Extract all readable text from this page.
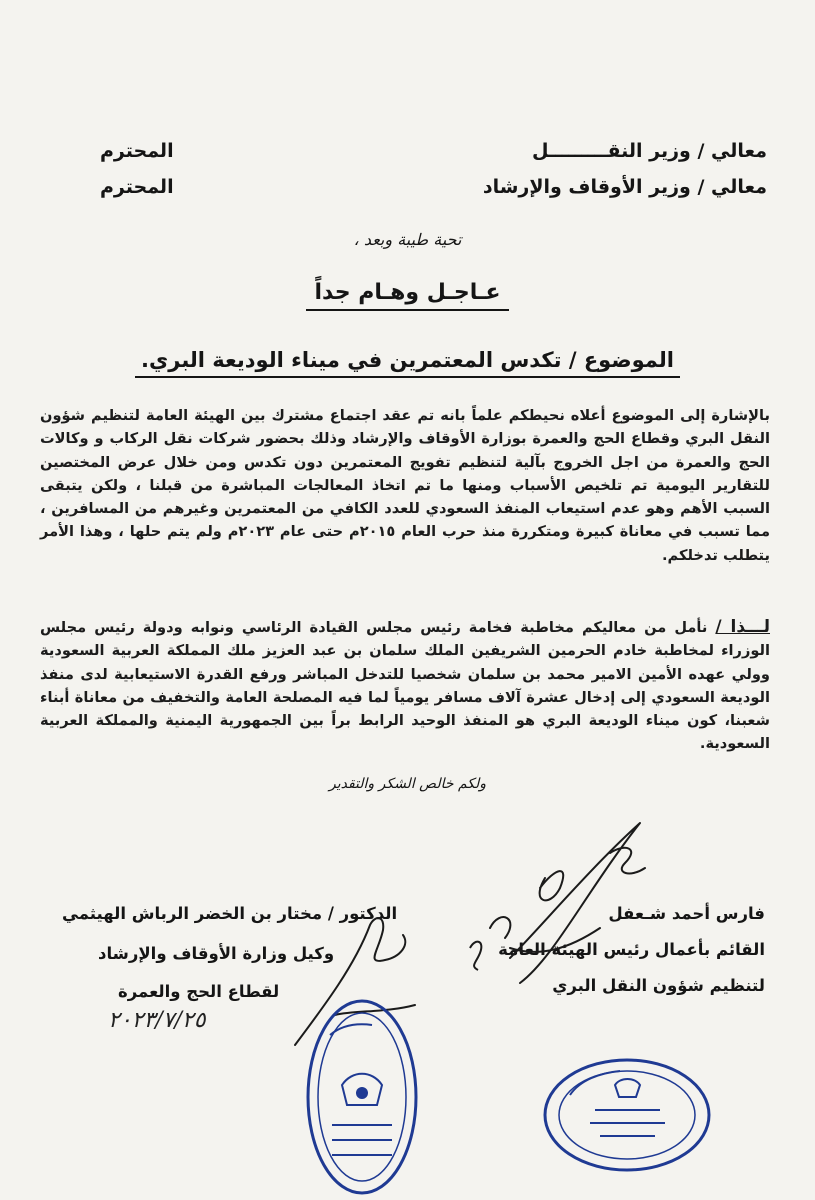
معالي / وزير النقـــــــــل
المحترم
معالي / وزير الأوقاف والإرشاد
المحترم
تحية طيبة وبعد ،
عـاجـل وهـام جداً
الموضوع / تكدس المعتمرين في ميناء الوديعة البري.
بالإشارة إلى الموضوع أعلاه نحيطكم علماً بانه تم عقد اجتماع مشترك بين الهيئة العامة لتنظيم شؤون النقل البري وقطاع الحج والعمرة بوزارة الأوقاف والإرشاد وذلك بحضور شركات نقل الركاب و وكالات الحج والعمرة من اجل الخروج بآلية لتنظيم تفويج المعتمرين دون تكدس ومن خلال عرض المختصين للتقارير اليومية تم تلخيص الأسباب ومنها ما تم اتخاذ المعالجات المباشرة من قبلنا ، ولكن يتبقى السبب الأهم وهو عدم استيعاب المنفذ السعودي للعدد الكافي من المعتمرين وغيرهم من المسافرين ، مما تسبب في معاناة كبيرة ومتكررة منذ حرب العام ٢٠١٥م حتى عام ٢٠٢٣م ولم يتم حلها ، وهذا الأمر يتطلب تدخلكم.
لـــذا / نأمل من معاليكم مخاطبة فخامة رئيس مجلس القيادة الرئاسي ونوابه ودولة رئيس مجلس الوزراء لمخاطبة خادم الحرمين الشريفين الملك سلمان بن عبد العزيز ملك المملكة العربية السعودية وولي عهده الأمين الامير محمد بن سلمان شخصيا للتدخل المباشر ورفع القدرة الاستيعابية لدى منفذ الوديعة السعودي إلى إدخال عشرة آلاف مسافر يومياً لما فيه المصلحة العامة والتخفيف من معاناة أبناء شعبنا، كون ميناء الوديعة البري هو المنفذ الوحيد الرابط براً بين الجمهورية اليمنية والمملكة العربية السعودية.
ولكم خالص الشكر والتقدير
فارس أحمد شـعفل
القائم بأعمال رئيس الهيئة العامة
لتنظيم شؤون النقل البري
الدكتور / مختار بن الخضر الرباش الهيثمي
وكيل وزارة الأوقاف والإرشاد
لقطاع الحج والعمرة
٢٠٢٣/٧/٢٥
